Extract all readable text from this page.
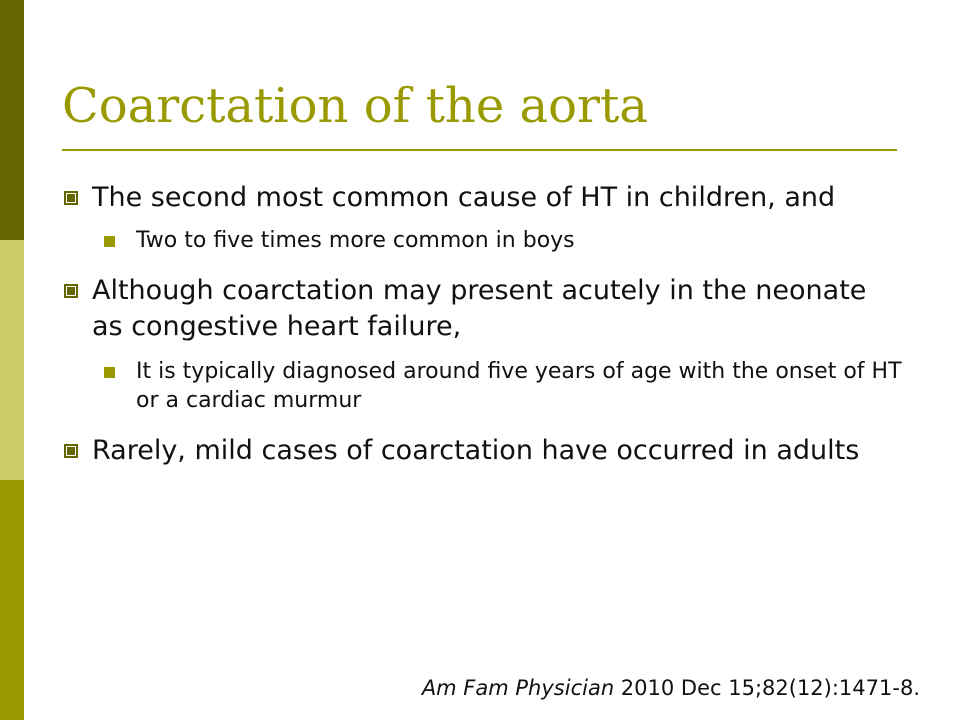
Coarctation of the aorta
The second most common cause of HT in children, and
Two to five times more common in boys
Although coarctation may present acutely in the neonate as congestive heart failure,
It is typically diagnosed around five years of age with the onset of HT or a cardiac murmur
Rarely, mild cases of coarctation have occurred in adults
Am Fam Physician 2010 Dec 15;82(12):1471-8.
